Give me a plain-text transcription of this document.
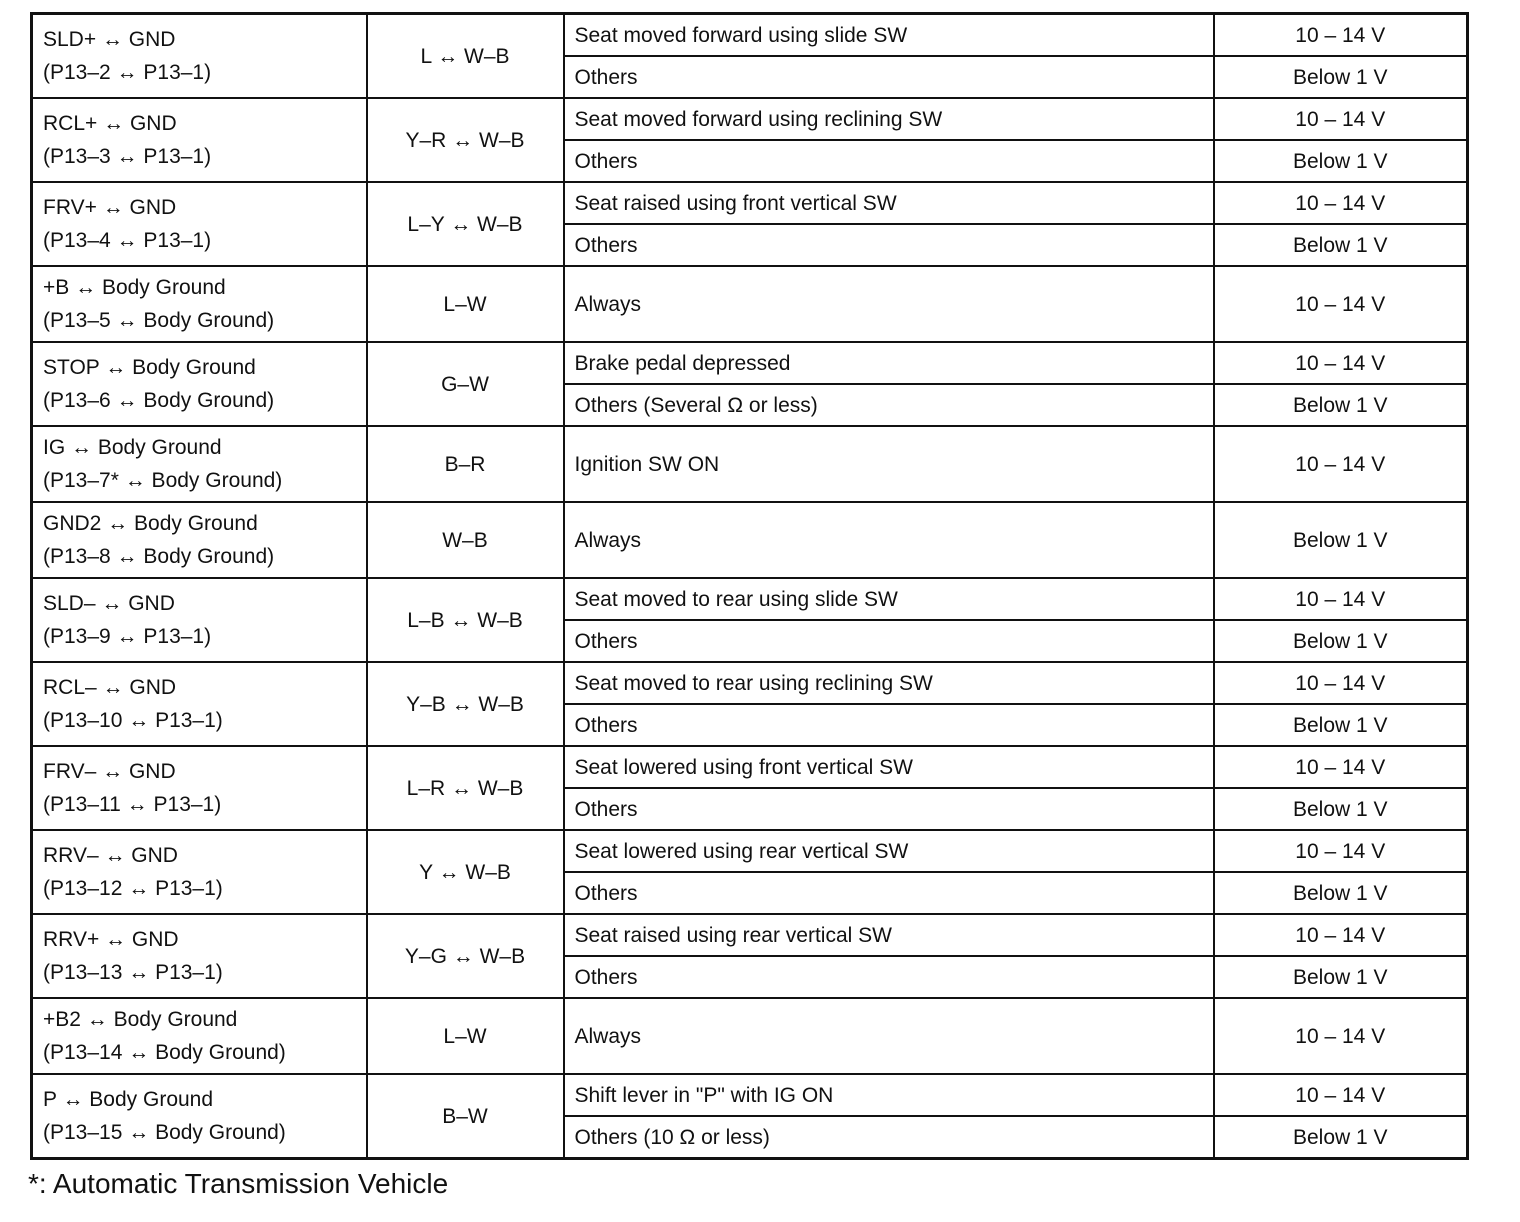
SLD+ ↔ GND
(P13–2 ↔ P13–1)	L ↔ W–B	Seat moved forward using slide SW	10 – 14 V
		Others	Below 1 V

RCL+ ↔ GND
(P13–3 ↔ P13–1)	Y–R ↔ W–B	Seat moved forward using reclining SW	10 – 14 V
		Others	Below 1 V

FRV+ ↔ GND
(P13–4 ↔ P13–1)	L–Y ↔ W–B	Seat raised using front vertical SW	10 – 14 V
		Others	Below 1 V

+B ↔ Body Ground
(P13–5 ↔ Body Ground)	L–W	Always	10 – 14 V

STOP ↔ Body Ground
(P13–6 ↔ Body Ground)	G–W	Brake pedal depressed	10 – 14 V
		Others (Several Ω or less)	Below 1 V

IG ↔ Body Ground
(P13–7* ↔ Body Ground)	B–R	Ignition SW ON	10 – 14 V

GND2 ↔ Body Ground
(P13–8 ↔ Body Ground)	W–B	Always	Below 1 V

SLD– ↔ GND
(P13–9 ↔ P13–1)	L–B ↔ W–B	Seat moved to rear using slide SW	10 – 14 V
		Others	Below 1 V

RCL– ↔ GND
(P13–10 ↔ P13–1)	Y–B ↔ W–B	Seat moved to rear using reclining SW	10 – 14 V
		Others	Below 1 V

FRV– ↔ GND
(P13–11 ↔ P13–1)	L–R ↔ W–B	Seat lowered using front vertical SW	10 – 14 V
		Others	Below 1 V

RRV– ↔ GND
(P13–12 ↔ P13–1)	Y ↔ W–B	Seat lowered using rear vertical SW	10 – 14 V
		Others	Below 1 V

RRV+ ↔ GND
(P13–13 ↔ P13–1)	Y–G ↔ W–B	Seat raised using rear vertical SW	10 – 14 V
		Others	Below 1 V

+B2 ↔ Body Ground
(P13–14 ↔ Body Ground)	L–W	Always	10 – 14 V

P ↔ Body Ground
(P13–15 ↔ Body Ground)	B–W	Shift lever in "P" with IG ON	10 – 14 V
		Others (10 Ω or less)	Below 1 V

*: Automatic Transmission Vehicle
